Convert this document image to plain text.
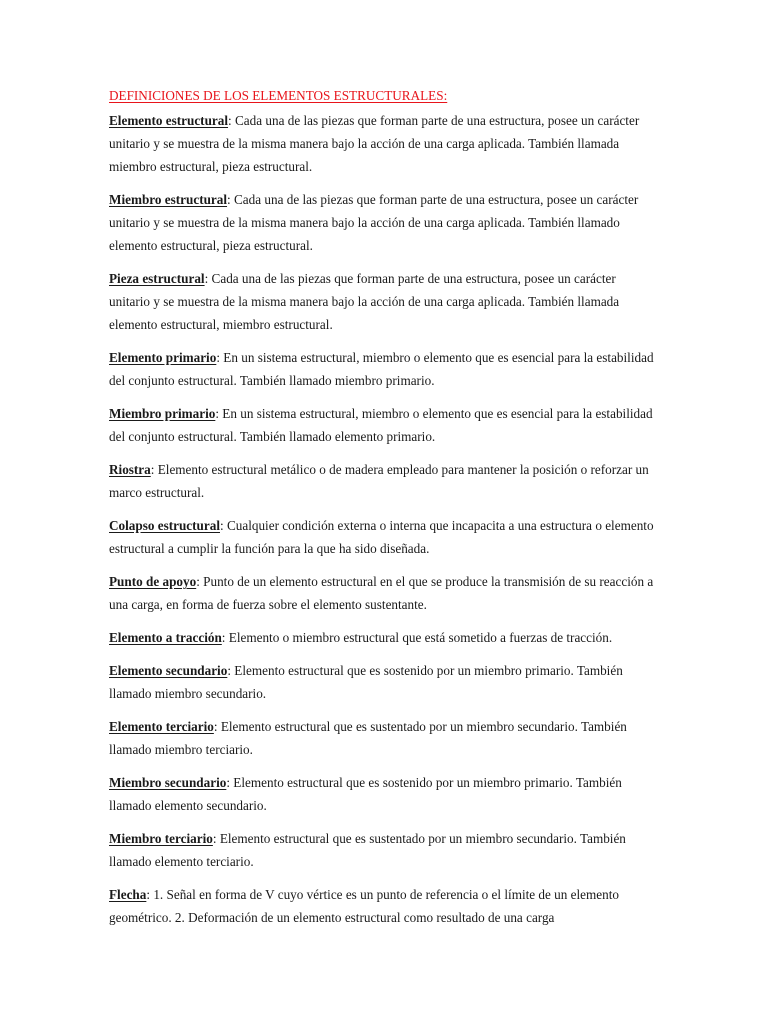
DEFINICIONES DE LOS ELEMENTOS ESTRUCTURALES:

Elemento estructural: Cada una de las piezas que forman parte de una estructura, posee un carácter unitario y se muestra de la misma manera bajo la acción de una carga aplicada. También llamada miembro estructural, pieza estructural.

Miembro estructural: Cada una de las piezas que forman parte de una estructura, posee un carácter unitario y se muestra de la misma manera bajo la acción de una carga aplicada. También llamado elemento estructural, pieza estructural.

Pieza estructural: Cada una de las piezas que forman parte de una estructura, posee un carácter unitario y se muestra de la misma manera bajo la acción de una carga aplicada. También llamada elemento estructural, miembro estructural.

Elemento primario: En un sistema estructural, miembro o elemento que es esencial para la estabilidad del conjunto estructural. También llamado miembro primario.

Miembro primario: En un sistema estructural, miembro o elemento que es esencial para la estabilidad del conjunto estructural. También llamado elemento primario.

Riostra: Elemento estructural metálico o de madera empleado para mantener la posición o reforzar un marco estructural.

Colapso estructural: Cualquier condición externa o interna que incapacita a una estructura o elemento estructural a cumplir la función para la que ha sido diseñada.

Punto de apoyo: Punto de un elemento estructural en el que se produce la transmisión de su reacción a una carga, en forma de fuerza sobre el elemento sustentante.

Elemento a tracción: Elemento o miembro estructural que está sometido a fuerzas de tracción.

Elemento secundario: Elemento estructural que es sostenido por un miembro primario. También llamado miembro secundario.

Elemento terciario: Elemento estructural que es sustentado por un miembro secundario. También llamado miembro terciario.

Miembro secundario: Elemento estructural que es sostenido por un miembro primario. También llamado elemento secundario.

Miembro terciario: Elemento estructural que es sustentado por un miembro secundario. También llamado elemento terciario.

Flecha: 1. Señal en forma de V cuyo vértice es un punto de referencia o el límite de un elemento geométrico. 2. Deformación de un elemento estructural como resultado de una carga
